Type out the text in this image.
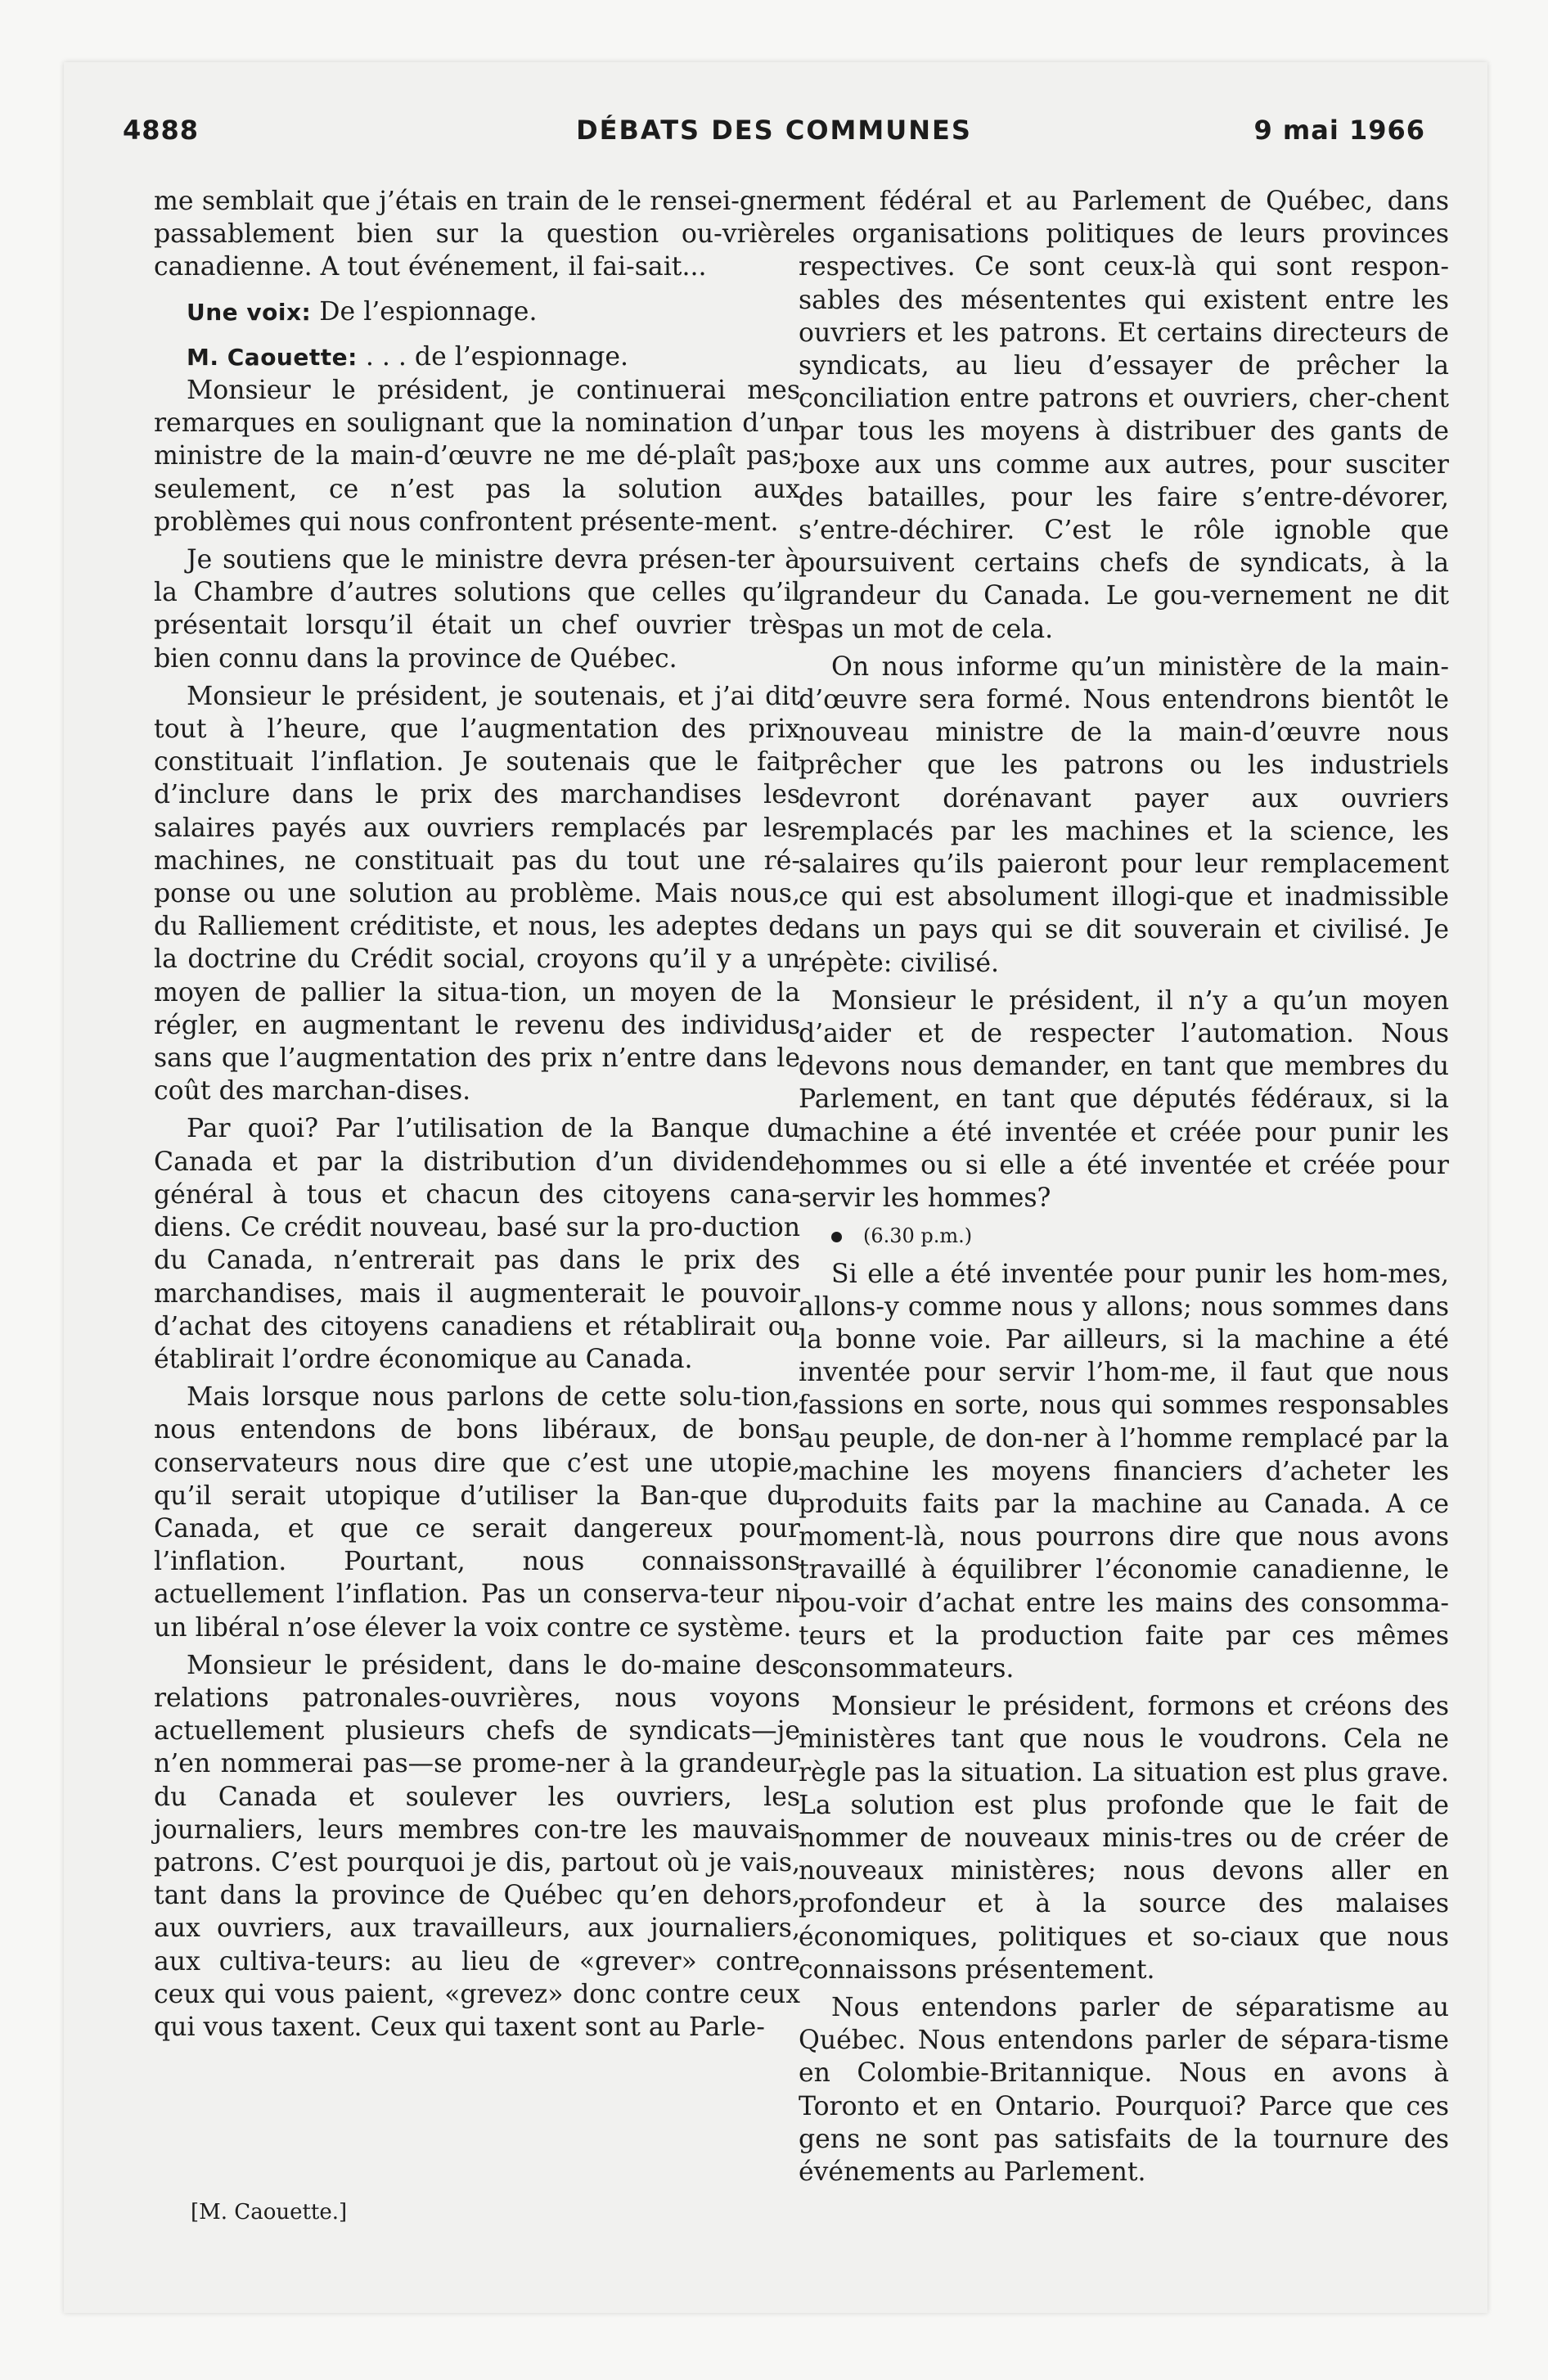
4888	DÉBATS DES COMMUNES	9 mai 1966

me semblait que j’étais en train de le rensei-gner passablement bien sur la question ou-vrière canadienne. A tout événement, il fai-sait...

Une voix: De l’espionnage.

M. Caouette: . . . de l’espionnage.

Monsieur le président, je continuerai mes remarques en soulignant que la nomination d’un ministre de la main-d’œuvre ne me dé-plaît pas; seulement, ce n’est pas la solution aux problèmes qui nous confrontent présente-ment.

Je soutiens que le ministre devra présen-ter à la Chambre d’autres solutions que celles qu’il présentait lorsqu’il était un chef ouvrier très bien connu dans la province de Québec.

Monsieur le président, je soutenais, et j’ai dit tout à l’heure, que l’augmentation des prix constituait l’inflation. Je soutenais que le fait d’inclure dans le prix des marchandises les salaires payés aux ouvriers remplacés par les machines, ne constituait pas du tout une ré-ponse ou une solution au problème. Mais nous, du Ralliement créditiste, et nous, les adeptes de la doctrine du Crédit social, croyons qu’il y a un moyen de pallier la situa-tion, un moyen de la régler, en augmentant le revenu des individus sans que l’augmentation des prix n’entre dans le coût des marchan-dises.

Par quoi? Par l’utilisation de la Banque du Canada et par la distribution d’un dividende général à tous et chacun des citoyens cana-diens. Ce crédit nouveau, basé sur la pro-duction du Canada, n’entrerait pas dans le prix des marchandises, mais il augmenterait le pouvoir d’achat des citoyens canadiens et rétablirait ou établirait l’ordre économique au Canada.

Mais lorsque nous parlons de cette solu-tion, nous entendons de bons libéraux, de bons conservateurs nous dire que c’est une utopie, qu’il serait utopique d’utiliser la Ban-que du Canada, et que ce serait dangereux pour l’inflation. Pourtant, nous connaissons actuellement l’inflation. Pas un conserva-teur ni un libéral n’ose élever la voix contre ce système.

Monsieur le président, dans le do-maine des relations patronales-ouvrières, nous voyons actuellement plusieurs chefs de syndicats—je n’en nommerai pas—se prome-ner à la grandeur du Canada et soulever les ouvriers, les journaliers, leurs membres con-tre les mauvais patrons. C’est pourquoi je dis, partout où je vais, tant dans la province de Québec qu’en dehors, aux ouvriers, aux travailleurs, aux journaliers, aux cultiva-teurs: au lieu de «grever» contre ceux qui vous paient, «grevez» donc contre ceux qui vous taxent. Ceux qui taxent sont au Parle-

ment fédéral et au Parlement de Québec, dans les organisations politiques de leurs provinces respectives. Ce sont ceux-là qui sont respon-sables des mésententes qui existent entre les ouvriers et les patrons. Et certains directeurs de syndicats, au lieu d’essayer de prêcher la conciliation entre patrons et ouvriers, cher-chent par tous les moyens à distribuer des gants de boxe aux uns comme aux autres, pour susciter des batailles, pour les faire s’entre-dévorer, s’entre-déchirer. C’est le rôle ignoble que poursuivent certains chefs de syndicats, à la grandeur du Canada. Le gou-vernement ne dit pas un mot de cela.

On nous informe qu’un ministère de la main-d’œuvre sera formé. Nous entendrons bientôt le nouveau ministre de la main-d’œuvre nous prêcher que les patrons ou les industriels devront dorénavant payer aux ouvriers remplacés par les machines et la science, les salaires qu’ils paieront pour leur remplacement ce qui est absolument illogi-que et inadmissible dans un pays qui se dit souverain et civilisé. Je répète: civilisé.

Monsieur le président, il n’y a qu’un moyen d’aider et de respecter l’automation. Nous devons nous demander, en tant que membres du Parlement, en tant que députés fédéraux, si la machine a été inventée et créée pour punir les hommes ou si elle a été inventée et créée pour servir les hommes?

(6.30 p.m.)

Si elle a été inventée pour punir les hom-mes, allons-y comme nous y allons; nous sommes dans la bonne voie. Par ailleurs, si la machine a été inventée pour servir l’hom-me, il faut que nous fassions en sorte, nous qui sommes responsables au peuple, de don-ner à l’homme remplacé par la machine les moyens financiers d’acheter les produits faits par la machine au Canada. A ce moment-là, nous pourrons dire que nous avons travaillé à équilibrer l’économie canadienne, le pou-voir d’achat entre les mains des consomma-teurs et la production faite par ces mêmes consommateurs.

Monsieur le président, formons et créons des ministères tant que nous le voudrons. Cela ne règle pas la situation. La situation est plus grave. La solution est plus profonde que le fait de nommer de nouveaux minis-tres ou de créer de nouveaux ministères; nous devons aller en profondeur et à la source des malaises économiques, politiques et so-ciaux que nous connaissons présentement.

Nous entendons parler de séparatisme au Québec. Nous entendons parler de sépara-tisme en Colombie-Britannique. Nous en avons à Toronto et en Ontario. Pourquoi? Parce que ces gens ne sont pas satisfaits de la tournure des événements au Parlement.

[M. Caouette.]
